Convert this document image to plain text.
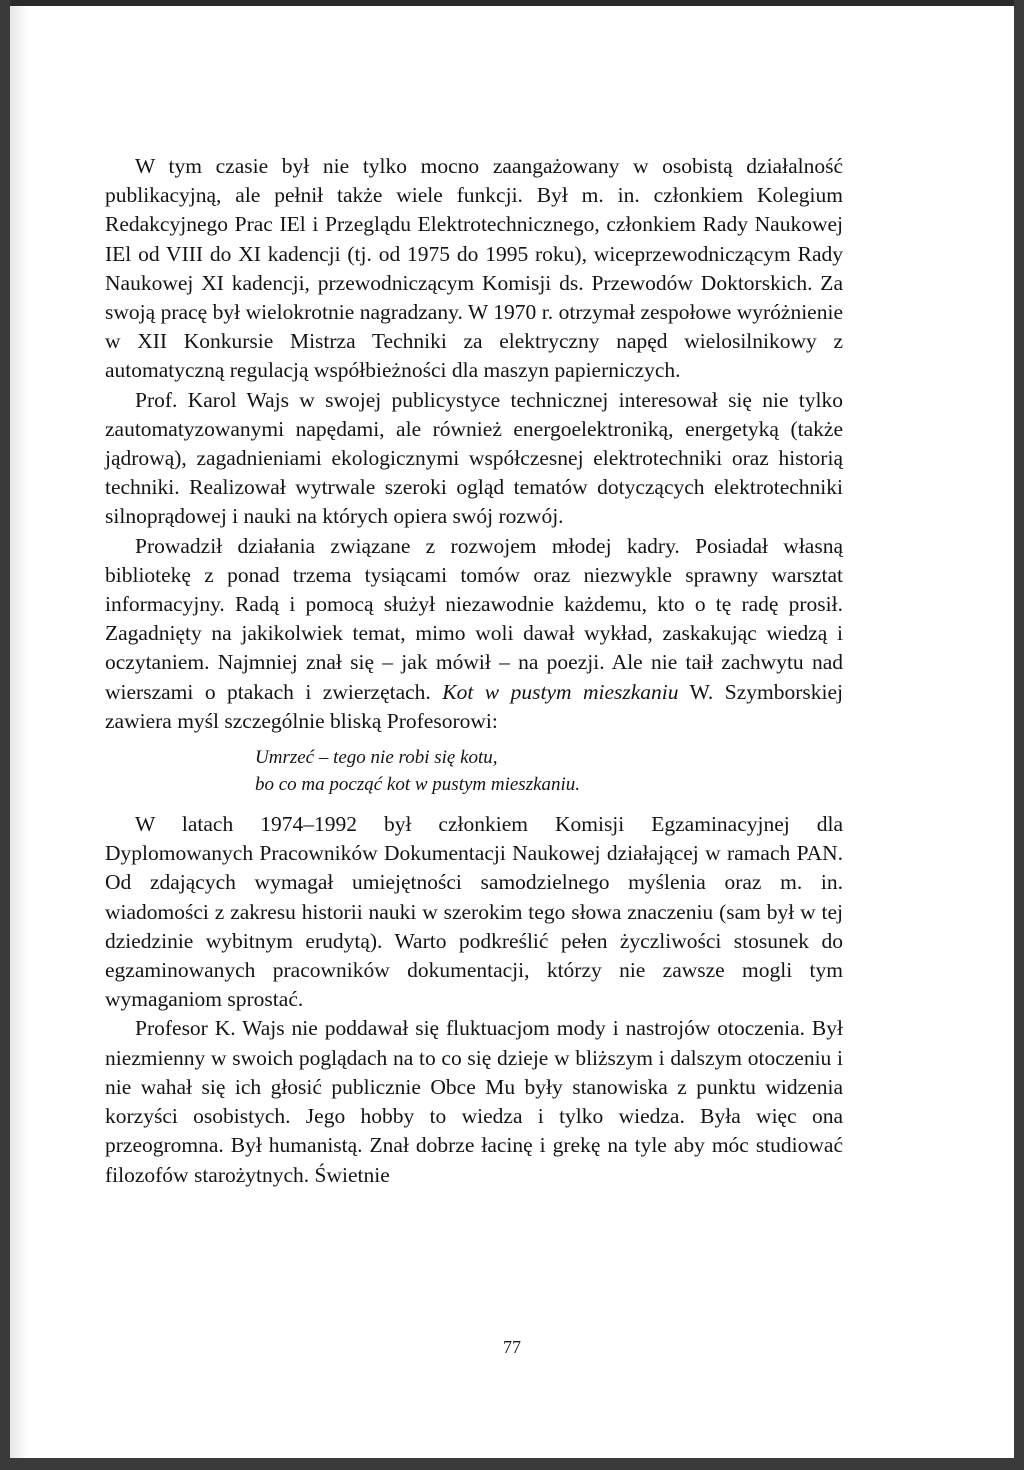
W tym czasie był nie tylko mocno zaangażowany w osobistą działalność publikacyjną, ale pełnił także wiele funkcji. Był m. in. członkiem Kolegium Redakcyjnego Prac IEl i Przeglądu Elektrotechnicznego, członkiem Rady Naukowej IEl od VIII do XI kadencji (tj. od 1975 do 1995 roku), wiceprzewodniczącym Rady Naukowej XI kadencji, przewodniczącym Komisji ds. Przewodów Doktorskich. Za swoją pracę był wielokrotnie nagradzany. W 1970 r. otrzymał zespołowe wyróżnienie w XII Konkursie Mistrza Techniki za elektryczny napęd wielosilnikowy z automatyczną regulacją współbieżności dla maszyn papierniczych.

Prof. Karol Wajs w swojej publicystyce technicznej interesował się nie tylko zautomatyzowanymi napędami, ale również energoelektroniką, energetyką (także jądrową), zagadnieniami ekologicznymi współczesnej elektrotechniki oraz historią techniki. Realizował wytrwale szeroki ogląd tematów dotyczących elektrotechniki silnoprądowej i nauki na których opiera swój rozwój.

Prowadził działania związane z rozwojem młodej kadry. Posiadał własną bibliotekę z ponad trzema tysiącami tomów oraz niezwykle sprawny warsztat informacyjny. Radą i pomocą służył niezawodnie każdemu, kto o tę radę prosił. Zagadnięty na jakikolwiek temat, mimo woli dawał wykład, zaskakując wiedzą i oczytaniem. Najmniej znał się – jak mówił – na poezji. Ale nie taił zachwytu nad wierszami o ptakach i zwierzętach. Kot w pustym mieszkaniu W. Szymborskiej zawiera myśl szczególnie bliską Profesorowi:

Umrzeć – tego nie robi się kotu,
bo co ma począć kot w pustym mieszkaniu.

W latach 1974–1992 był członkiem Komisji Egzaminacyjnej dla Dyplomowanych Pracowników Dokumentacji Naukowej działającej w ramach PAN. Od zdających wymagał umiejętności samodzielnego myślenia oraz m. in. wiadomości z zakresu historii nauki w szerokim tego słowa znaczeniu (sam był w tej dziedzinie wybitnym erudytą). Warto podkreślić pełen życzliwości stosunek do egzaminowanych pracowników dokumentacji, którzy nie zawsze mogli tym wymaganiom sprostać.

Profesor K. Wajs nie poddawał się fluktuacjom mody i nastrojów otoczenia. Był niezmienny w swoich poglądach na to co się dzieje w bliższym i dalszym otoczeniu i nie wahał się ich głosić publicznie Obce Mu były stanowiska z punktu widzenia korzyści osobistych. Jego hobby to wiedza i tylko wiedza. Była więc ona przeogromna. Był humanistą. Znał dobrze łacinę i grekę na tyle aby móc studiować filozofów starożytnych. Świetnie

77
